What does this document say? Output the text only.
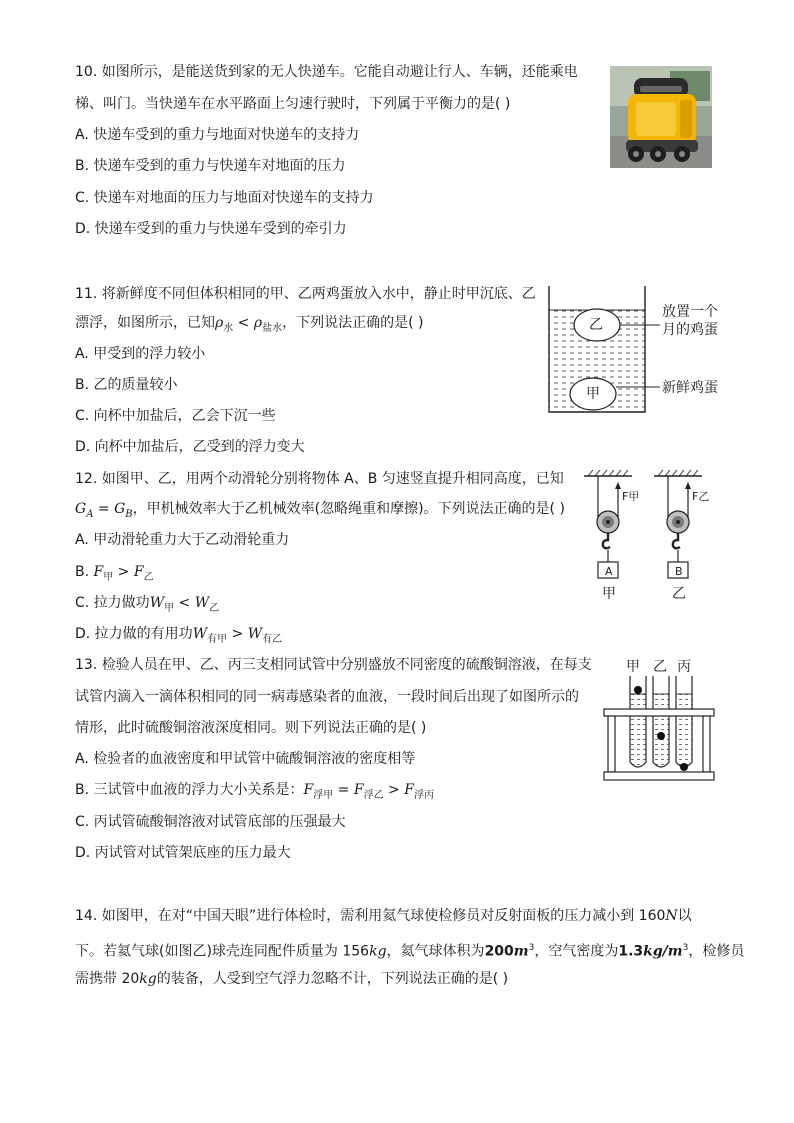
10. 如图所示，是能送货到家的无人快递车。它能自动避让行人、车辆，还能乘电
梯、叫门。当快递车在水平路面上匀速行驶时，下列属于平衡力的是( )
A. 快递车受到的重力与地面对快递车的支持力
B. 快递车受到的重力与快递车对地面的压力
C. 快递车对地面的压力与地面对快递车的支持力
D. 快递车受到的重力与快递车受到的牵引力
11. 将新鲜度不同但体积相同的甲、乙两鸡蛋放入水中，静止时甲沉底、乙
漂浮，如图所示，已知$\rho_水 < \rho_{盐水}$，下列说法正确的是( )
A. 甲受到的浮力较小
B. 乙的质量较小
C. 向杯中加盐后，乙会下沉一些
D. 向杯中加盐后，乙受到的浮力变大
乙
甲
放置一个
月的鸡蛋
新鲜鸡蛋
12. 如图甲、乙，用两个动滑轮分别将物体 A、B 匀速竖直提升相同高度，已知
$G_A = G_B$，甲机械效率大于乙机械效率(忽略绳重和摩擦)。下列说法正确的是( )
A. 甲动滑轮重力大于乙动滑轮重力
B. $F_甲 > F_乙$
C. 拉力做功$W_甲 < W_乙$
D. 拉力做的有用功$W_{有甲} > W_{有乙}$
F甲	F乙
A	B
甲	乙
13. 检验人员在甲、乙、丙三支相同试管中分别盛放不同密度的硫酸铜溶液，在每支
试管内滴入一滴体积相同的同一病毒感染者的血液，一段时间后出现了如图所示的
情形，此时硫酸铜溶液深度相同。则下列说法正确的是( )
A. 检验者的血液密度和甲试管中硫酸铜溶液的密度相等
B. 三试管中血液的浮力大小关系是：$F_{浮甲} = F_{浮乙} > F_{浮丙}$
C. 丙试管硫酸铜溶液对试管底部的压强最大
D. 丙试管对试管架底座的压力最大
甲 乙 丙
14. 如图甲，在对“中国天眼”进行体检时，需利用氦气球使检修员对反射面板的压力减小到 160N以
下。若氦气球(如图乙)球壳连同配件质量为 156kg，氦气球体积为$200m^3$，空气密度为$1.3kg/m^3$，检修员
需携带 20kg的装备，人受到空气浮力忽略不计，下列说法正确的是( )
